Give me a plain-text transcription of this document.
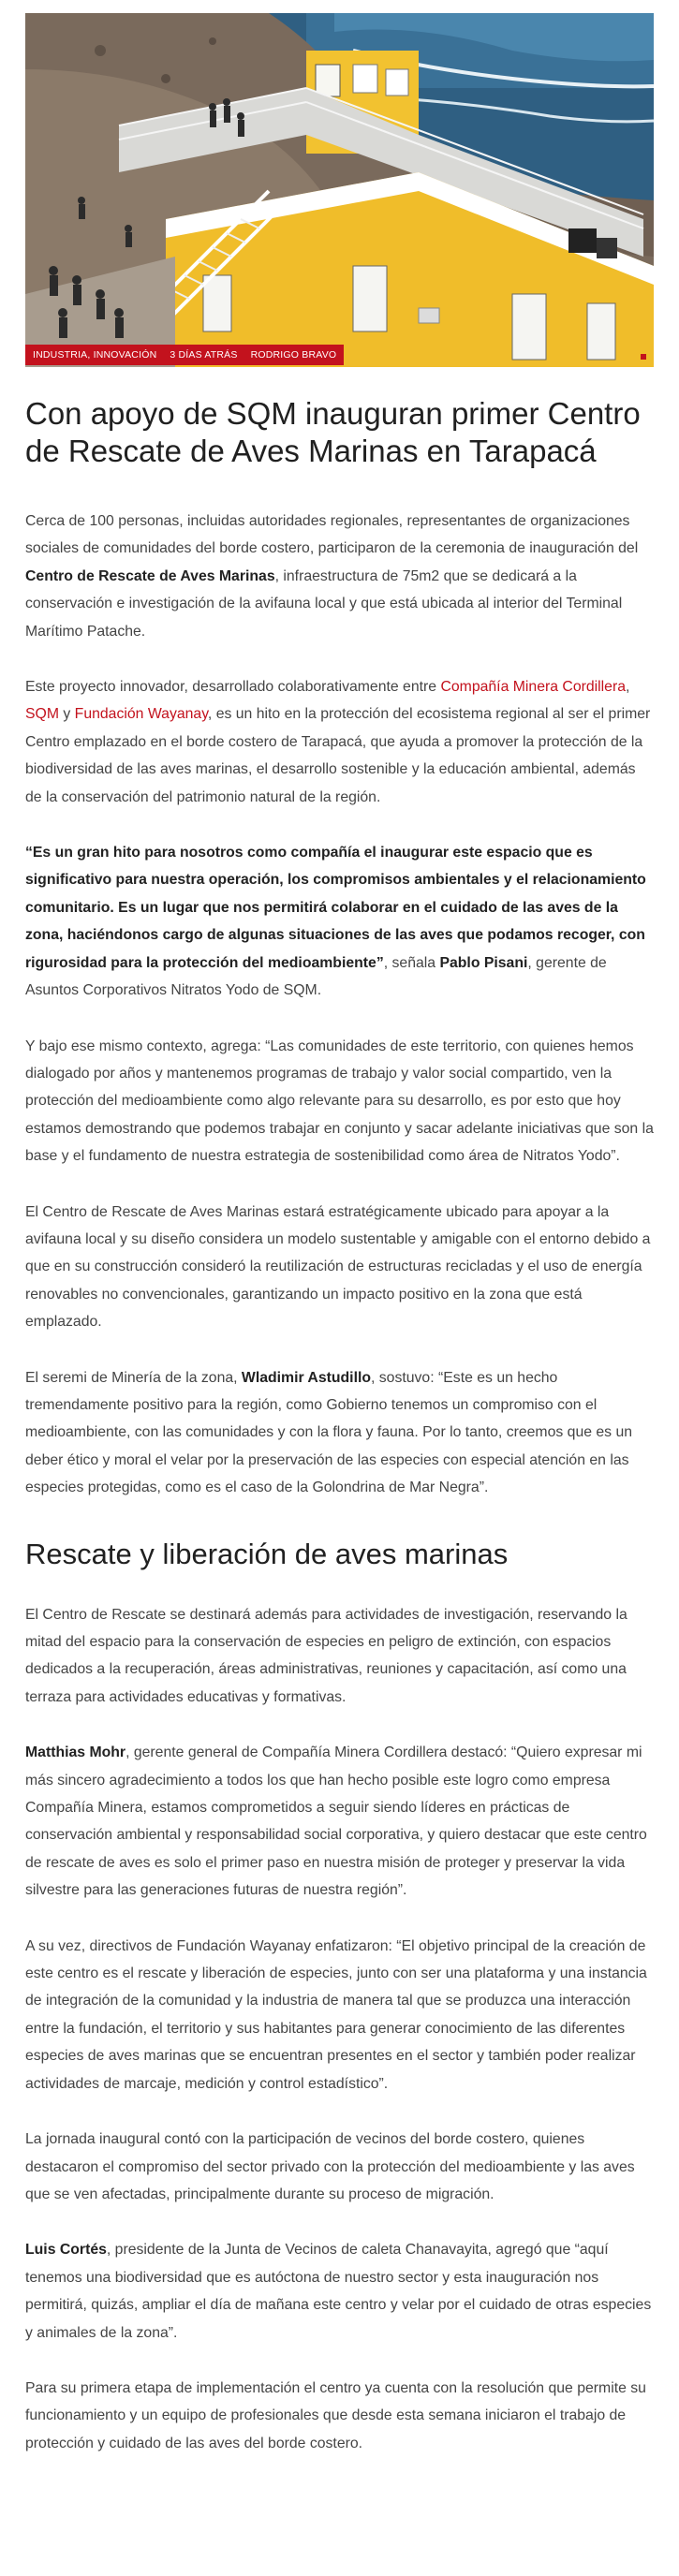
INDUSTRIA, INNOVACIÓN 3 DÍAS ATRÁS RODRIGO BRAVO
Con apoyo de SQM inauguran primer Centro de Rescate de Aves Marinas en Tarapacá

Cerca de 100 personas, incluidas autoridades regionales, representantes de organizaciones sociales de comunidades del borde costero, participaron de la ceremonia de inauguración del Centro de Rescate de Aves Marinas, infraestructura de 75m2 que se dedicará a la conservación e investigación de la avifauna local y que está ubicada al interior del Terminal Marítimo Patache.

Este proyecto innovador, desarrollado colaborativamente entre Compañía Minera Cordillera, SQM y Fundación Wayanay, es un hito en la protección del ecosistema regional al ser el primer Centro emplazado en el borde costero de Tarapacá, que ayuda a promover la protección de la biodiversidad de las aves marinas, el desarrollo sostenible y la educación ambiental, además de la conservación del patrimonio natural de la región.

“Es un gran hito para nosotros como compañía el inaugurar este espacio que es significativo para nuestra operación, los compromisos ambientales y el relacionamiento comunitario. Es un lugar que nos permitirá colaborar en el cuidado de las aves de la zona, haciéndonos cargo de algunas situaciones de las aves que podamos recoger, con rigurosidad para la protección del medioambiente”, señala Pablo Pisani, gerente de Asuntos Corporativos Nitratos Yodo de SQM.

Y bajo ese mismo contexto, agrega: “Las comunidades de este territorio, con quienes hemos dialogado por años y mantenemos programas de trabajo y valor social compartido, ven la protección del medioambiente como algo relevante para su desarrollo, es por esto que hoy estamos demostrando que podemos trabajar en conjunto y sacar adelante iniciativas que son la base y el fundamento de nuestra estrategia de sostenibilidad como área de Nitratos Yodo”.

El Centro de Rescate de Aves Marinas estará estratégicamente ubicado para apoyar a la avifauna local y su diseño considera un modelo sustentable y amigable con el entorno debido a que en su construcción consideró la reutilización de estructuras recicladas y el uso de energía renovables no convencionales, garantizando un impacto positivo en la zona que está emplazado.

El seremi de Minería de la zona, Wladimir Astudillo, sostuvo: “Este es un hecho tremendamente positivo para la región, como Gobierno tenemos un compromiso con el medioambiente, con las comunidades y con la flora y fauna. Por lo tanto, creemos que es un deber ético y moral el velar por la preservación de las especies con especial atención en las especies protegidas, como es el caso de la Golondrina de Mar Negra”.

Rescate y liberación de aves marinas

El Centro de Rescate se destinará además para actividades de investigación, reservando la mitad del espacio para la conservación de especies en peligro de extinción, con espacios dedicados a la recuperación, áreas administrativas, reuniones y capacitación, así como una terraza para actividades educativas y formativas.

Matthias Mohr, gerente general de Compañía Minera Cordillera destacó: “Quiero expresar mi más sincero agradecimiento a todos los que han hecho posible este logro como empresa Compañía Minera, estamos comprometidos a seguir siendo líderes en prácticas de conservación ambiental y responsabilidad social corporativa, y quiero destacar que este centro de rescate de aves es solo el primer paso en nuestra misión de proteger y preservar la vida silvestre para las generaciones futuras de nuestra región”.

A su vez, directivos de Fundación Wayanay enfatizaron: “El objetivo principal de la creación de este centro es el rescate y liberación de especies, junto con ser una plataforma y una instancia de integración de la comunidad y la industria de manera tal que se produzca una interacción entre la fundación, el territorio y sus habitantes para generar conocimiento de las diferentes especies de aves marinas que se encuentran presentes en el sector y también poder realizar actividades de marcaje, medición y control estadístico”.

La jornada inaugural contó con la participación de vecinos del borde costero, quienes destacaron el compromiso del sector privado con la protección del medioambiente y las aves que se ven afectadas, principalmente durante su proceso de migración.

Luis Cortés, presidente de la Junta de Vecinos de caleta Chanavayita, agregó que “aquí tenemos una biodiversidad que es autóctona de nuestro sector y esta inauguración nos permitirá, quizás, ampliar el día de mañana este centro y velar por el cuidado de otras especies y animales de la zona”.

Para su primera etapa de implementación el centro ya cuenta con la resolución que permite su funcionamiento y un equipo de profesionales que desde esta semana iniciaron el trabajo de protección y cuidado de las aves del borde costero.
